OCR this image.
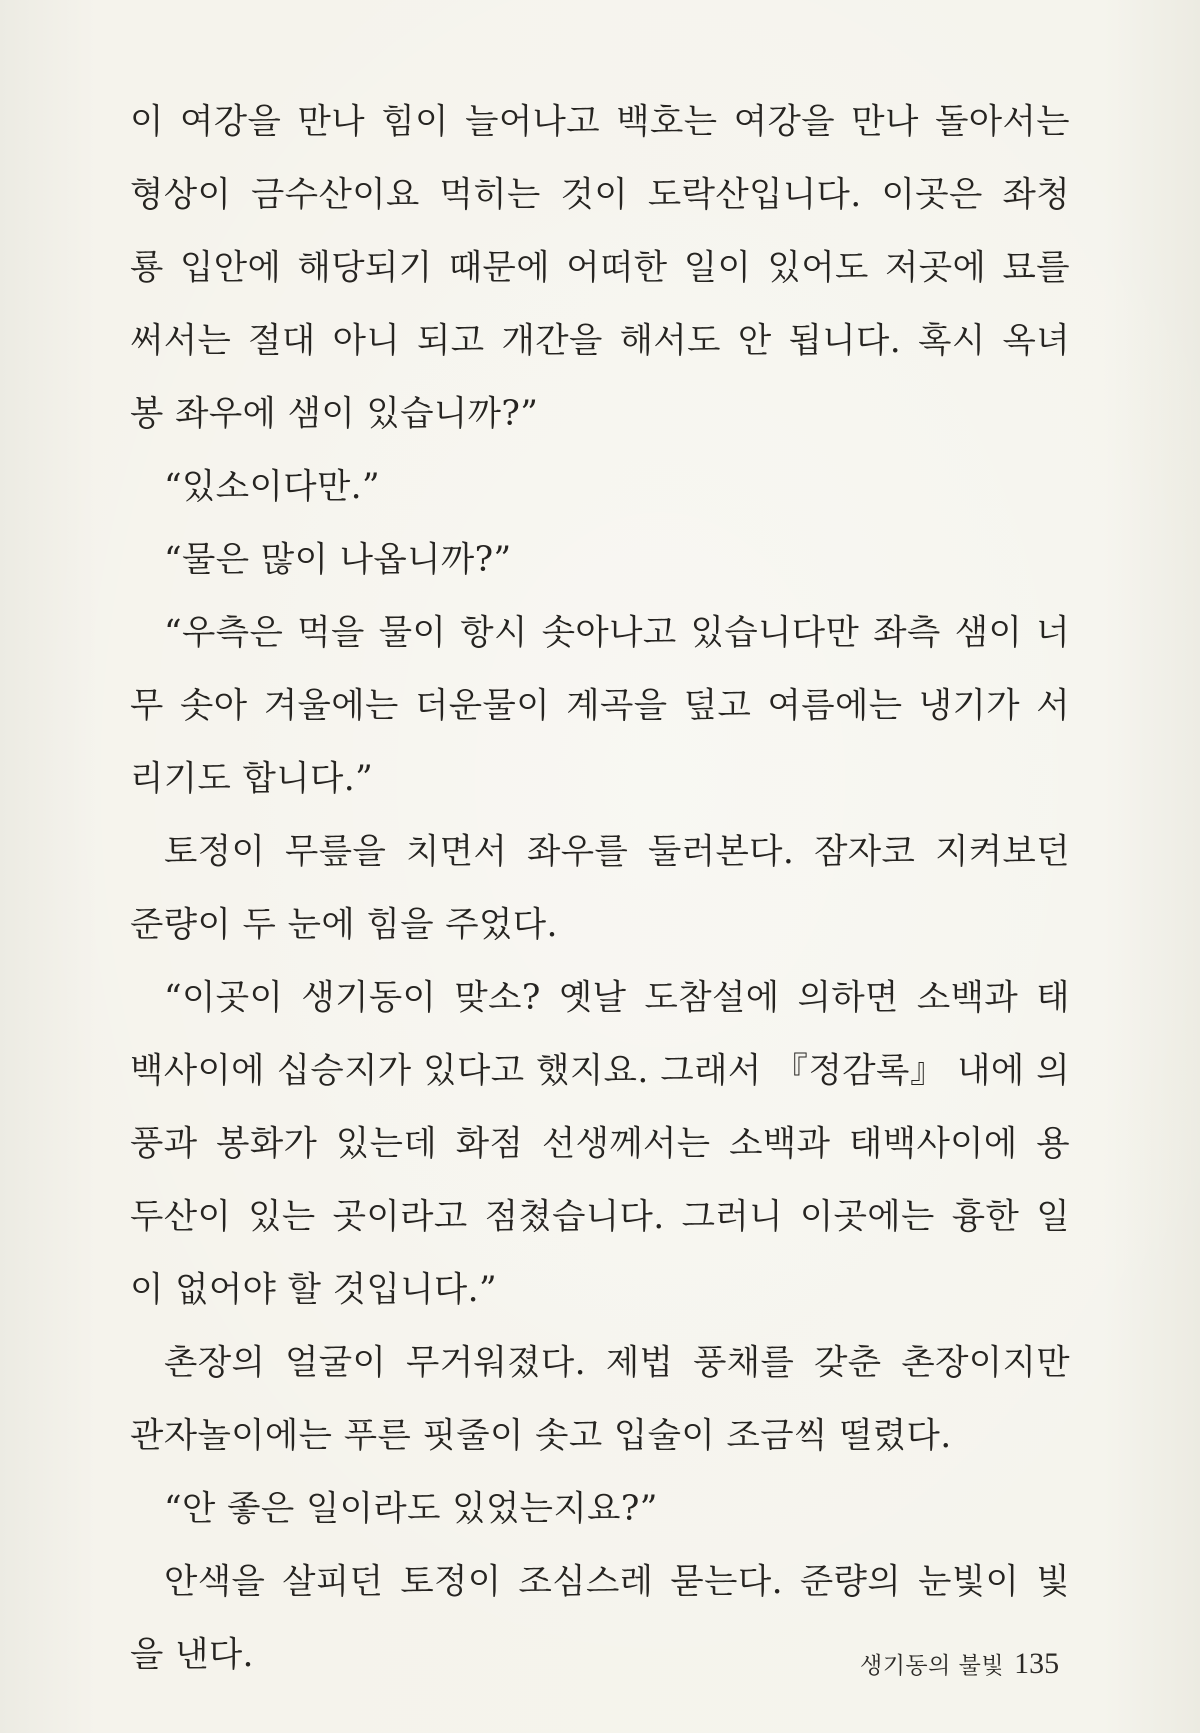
이 여강을 만나 힘이 늘어나고 백호는 여강을 만나 돌아서는
형상이 금수산이요 먹히는 것이 도락산입니다. 이곳은 좌청
룡 입안에 해당되기 때문에 어떠한 일이 있어도 저곳에 묘를
써서는 절대 아니 되고 개간을 해서도 안 됩니다. 혹시 옥녀
봉 좌우에 샘이 있습니까?”
“있소이다만.”
“물은 많이 나옵니까?”
“우측은 먹을 물이 항시 솟아나고 있습니다만 좌측 샘이 너
무 솟아 겨울에는 더운물이 계곡을 덮고 여름에는 냉기가 서
리기도 합니다.”
토정이 무릎을 치면서 좌우를 둘러본다. 잠자코 지켜보던
준량이 두 눈에 힘을 주었다.
“이곳이 생기동이 맞소? 옛날 도참설에 의하면 소백과 태
백사이에 십승지가 있다고 했지요. 그래서 『정감록』 내에 의
풍과 봉화가 있는데 화점 선생께서는 소백과 태백사이에 용
두산이 있는 곳이라고 점쳤습니다. 그러니 이곳에는 흉한 일
이 없어야 할 것입니다.”
촌장의 얼굴이 무거워졌다. 제법 풍채를 갖춘 촌장이지만
관자놀이에는 푸른 핏줄이 솟고 입술이 조금씩 떨렸다.
“안 좋은 일이라도 있었는지요?”
안색을 살피던 토정이 조심스레 묻는다. 준량의 눈빛이 빛
을 낸다.	생기동의 불빛 135
